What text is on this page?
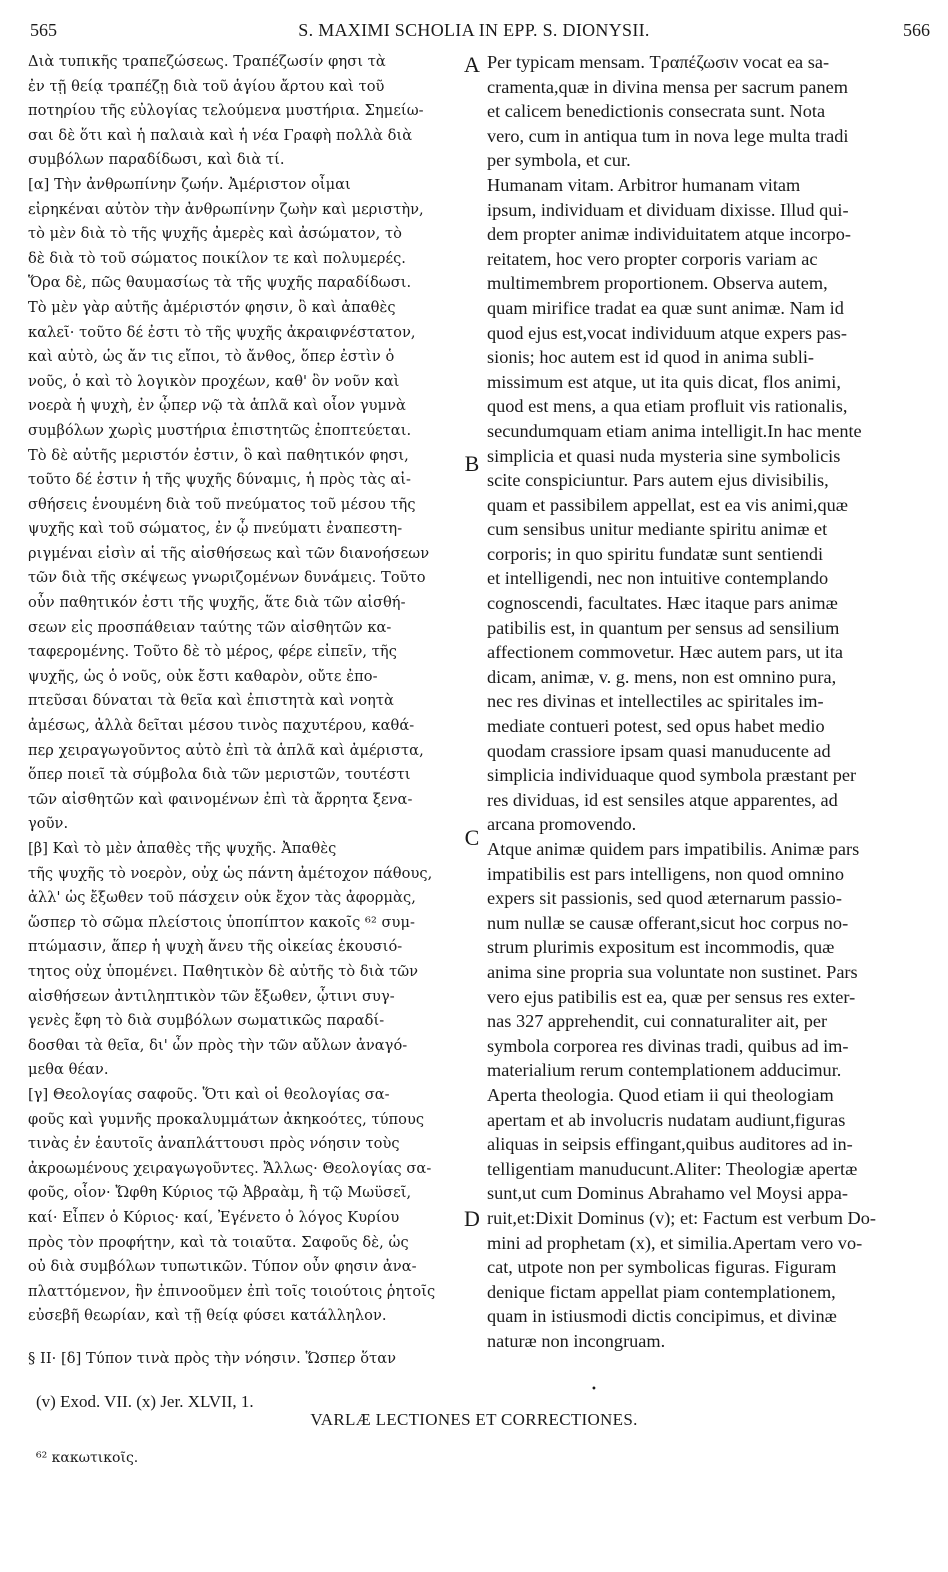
565	S. MAXIMI SCHOLIA IN EPP. S. DIONYSII.	566
Διὰ τυπικῆς τραπεζώσεως. Τραπέζωσίν φησι τὰ
ἐν τῇ θείᾳ τραπέζῃ διὰ τοῦ ἁγίου ἄρτου καὶ τοῦ
ποτηρίου τῆς εὐλογίας τελούμενα μυστήρια. Σημείω-
σαι δὲ ὅτι καὶ ἡ παλαιὰ καὶ ἡ νέα Γραφὴ πολλὰ διὰ
συμβόλων παραδίδωσι, καὶ διὰ τί.
[α] Τὴν ἀνθρωπίνην ζωήν. Ἀμέριστον οἶμαι
εἰρηκέναι αὐτὸν τὴν ἀνθρωπίνην ζωὴν καὶ μεριστὴν,
τὸ μὲν διὰ τὸ τῆς ψυχῆς ἀμερὲς καὶ ἀσώματον, τὸ
δὲ διὰ τὸ τοῦ σώματος ποικίλον τε καὶ πολυμερές.
Ὅρα δὲ, πῶς θαυμασίως τὰ τῆς ψυχῆς παραδίδωσι.
Τὸ μὲν γὰρ αὐτῆς ἀμέριστόν φησιν, ὃ καὶ ἀπαθὲς
καλεῖ· τοῦτο δέ ἐστι τὸ τῆς ψυχῆς ἀκραιφνέστατον,
καὶ αὐτὸ, ὡς ἄν τις εἴποι, τὸ ἄνθος, ὅπερ ἐστὶν ὁ
νοῦς, ὁ καὶ τὸ λογικὸν προχέων, καθ' ὃν νοῦν καὶ
νοερὰ ἡ ψυχὴ, ἐν ᾧπερ νῷ τὰ ἁπλᾶ καὶ οἷον γυμνὰ
συμβόλων χωρὶς μυστήρια ἐπιστητῶς ἐποπτεύεται.
Τὸ δὲ αὐτῆς μεριστόν ἐστιν, ὃ καὶ παθητικόν φησι,
τοῦτο δέ ἐστιν ἡ τῆς ψυχῆς δύναμις, ἡ πρὸς τὰς αἰ-
σθήσεις ἑνουμένη διὰ τοῦ πνεύματος τοῦ μέσου τῆς
ψυχῆς καὶ τοῦ σώματος, ἐν ᾧ πνεύματι ἐναπεστη-
ριγμέναι εἰσὶν αἱ τῆς αἰσθήσεως καὶ τῶν διανοήσεων
τῶν διὰ τῆς σκέψεως γνωριζομένων δυνάμεις. Τοῦτο
οὖν παθητικόν ἐστι τῆς ψυχῆς, ἅτε διὰ τῶν αἰσθή-
σεων εἰς προσπάθειαν ταύτης τῶν αἰσθητῶν κα-
ταφερομένης. Τοῦτο δὲ τὸ μέρος, φέρε εἰπεῖν, τῆς
ψυχῆς, ὡς ὁ νοῦς, οὐκ ἔστι καθαρὸν, οὔτε ἐπο-
πτεῦσαι δύναται τὰ θεῖα καὶ ἐπιστητὰ καὶ νοητὰ
ἀμέσως, ἀλλὰ δεῖται μέσου τινὸς παχυτέρου, καθά-
περ χειραγωγοῦντος αὐτὸ ἐπὶ τὰ ἁπλᾶ καὶ ἀμέριστα,
ὅπερ ποιεῖ τὰ σύμβολα διὰ τῶν μεριστῶν, τουτέστι
τῶν αἰσθητῶν καὶ φαινομένων ἐπὶ τὰ ἄρρητα ξενα-
γοῦν.
[β] Καὶ τὸ μὲν ἀπαθὲς τῆς ψυχῆς. Ἀπαθὲς
τῆς ψυχῆς τὸ νοερὸν, οὐχ ὡς πάντη ἀμέτοχον πάθους,
ἀλλ' ὡς ἔξωθεν τοῦ πάσχειν οὐκ ἔχον τὰς ἀφορμὰς,
ὥσπερ τὸ σῶμα πλείστοις ὑποπίπτον κακοῖς ⁶² συμ-
πτώμασιν, ἅπερ ἡ ψυχὴ ἄνευ τῆς οἰκείας ἑκουσιό-
τητος οὐχ ὑπομένει. Παθητικὸν δὲ αὐτῆς τὸ διὰ τῶν
αἰσθήσεων ἀντιληπτικὸν τῶν ἔξωθεν, ᾧτινι συγ-
γενὲς ἔφη τὸ διὰ συμβόλων σωματικῶς παραδί-
δοσθαι τὰ θεῖα, δι' ὧν πρὸς τὴν τῶν αὔλων ἀναγό-
μεθα θέαν.
[γ] Θεολογίας σαφοῦς. Ὅτι καὶ οἱ θεολογίας σα-
φοῦς καὶ γυμνῆς προκαλυμμάτων ἀκηκοότες, τύπους
τινὰς ἐν ἑαυτοῖς ἀναπλάττουσι πρὸς νόησιν τοὺς
ἀκροωμένους χειραγωγοῦντες. Ἄλλως· Θεολογίας σα-
φοῦς, οἷον· Ὤφθη Κύριος τῷ Ἀβραὰμ, ἢ τῷ Μωϋσεῖ,
καί· Εἶπεν ὁ Κύριος· καί, Ἐγένετο ὁ λόγος Κυρίου
πρὸς τὸν προφήτην, καὶ τὰ τοιαῦτα. Σαφοῦς δὲ, ὡς
οὐ διὰ συμβόλων τυπωτικῶν. Τύπον οὖν φησιν ἀνα-
πλαττόμενον, ἣν ἐπινοοῦμεν ἐπὶ τοῖς τοιούτοις ῥητοῖς
εὐσεβῆ θεωρίαν, καὶ τῇ θείᾳ φύσει κατάλληλον.
§ ΙΙ· [δ] Τύπον τινὰ πρὸς τὴν νόησιν. Ὥσπερ ὅταν
A
B
C
D
Per typicam mensam. Τραπέζωσιν vocat ea sa-
cramenta,quæ in divina mensa per sacrum panem
et calicem benedictionis consecrata sunt. Nota
vero, cum in antiqua tum in nova lege multa tradi
per symbola, et cur.
Humanam vitam. Arbitror humanam vitam
ipsum, individuam et dividuam dixisse. Illud qui-
dem propter animæ individuitatem atque incorpo-
reitatem, hoc vero propter corporis variam ac
multimembrem proportionem. Observa autem,
quam mirifice tradat ea quæ sunt animæ. Nam id
quod ejus est,vocat individuum atque expers pas-
sionis; hoc autem est id quod in anima subli-
missimum est atque, ut ita quis dicat, flos animi,
quod est mens, a qua etiam profluit vis rationalis,
secundumquam etiam anima intelligit.In hac mente
simplicia et quasi nuda mysteria sine symbolicis
scite conspiciuntur. Pars autem ejus divisibilis,
quam et passibilem appellat, est ea vis animi,quæ
cum sensibus unitur mediante spiritu animæ et
corporis; in quo spiritu fundatæ sunt sentiendi
et intelligendi, nec non intuitive contemplando
cognoscendi, facultates. Hæc itaque pars animæ
patibilis est, in quantum per sensus ad sensilium
affectionem commovetur. Hæc autem pars, ut ita
dicam, animæ, v. g. mens, non est omnino pura,
nec res divinas et intellectiles ac spiritales im-
mediate contueri potest, sed opus habet medio
quodam crassiore ipsam quasi manuducente ad
simplicia individuaque quod symbola præstant per
res dividuas, id est sensiles atque apparentes, ad
arcana promovendo.
Atque animæ quidem pars impatibilis. Animæ pars
impatibilis est pars intelligens, non quod omnino
expers sit passionis, sed quod æternarum passio-
num nullæ se causæ offerant,sicut hoc corpus no-
strum plurimis expositum est incommodis, quæ
anima sine propria sua voluntate non sustinet. Pars
vero ejus patibilis est ea, quæ per sensus res exter-
nas 327 apprehendit, cui connaturaliter ait, per
symbola corporea res divinas tradi, quibus ad im-
materialium rerum contemplationem adducimur.
Aperta theologia. Quod etiam ii qui theologiam
apertam et ab involucris nudatam audiunt,figuras
aliquas in seipsis effingant,quibus auditores ad in-
telligentiam manuducunt.Aliter: Theologiæ apertæ
sunt,ut cum Dominus Abrahamo vel Moysi appa-
ruit,et:Dixit Dominus (v); et: Factum est verbum Do-
mini ad prophetam (x), et similia.Apertam vero vo-
cat, utpote non per symbolicas figuras. Figuram
denique fictam appellat piam contemplationem,
quam in istiusmodi dictis concipimus, et divinæ
naturæ non incongruam.
(v) Exod. VII. (x) Jer. XLVII, 1.
•
VARLÆ LECTIONES ET CORRECTIONES.
⁶² κακωτικοῖς.
